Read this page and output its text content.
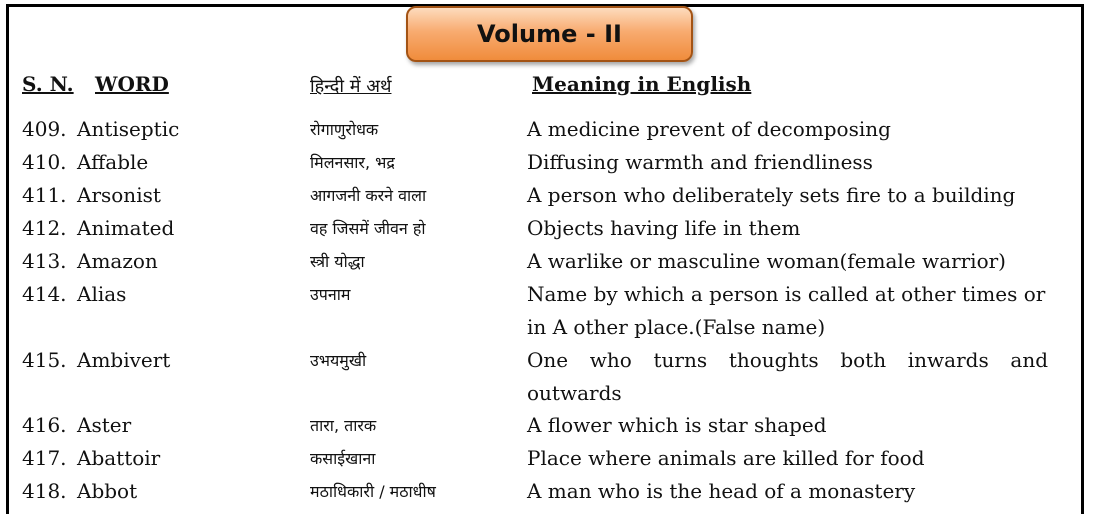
Volume - II
S. N. WORD	हिन्दी में अर्थ	Meaning in English
409. Antiseptic	रोगाणुरोधक	A medicine prevent of decomposing
410. Affable	मिलनसार, भद्र	Diffusing warmth and friendliness
411. Arsonist	आगजनी करने वाला	A person who deliberately sets fire to a building
412. Animated	वह जिसमें जीवन हो	Objects having life in them
413. Amazon	स्त्री योद्धा	A warlike or masculine woman(female warrior)
414. Alias	उपनाम	Name by which a person is called at other times or
in A other place.(False name)
415. Ambivert	उभयमुखी	One who turns thoughts both inwards and
outwards
416. Aster	तारा, तारक	A flower which is star shaped
417. Abattoir	कसाईखाना	Place where animals are killed for food
418. Abbot	मठाधिकारी / मठाधीष	A man who is the head of a monastery
